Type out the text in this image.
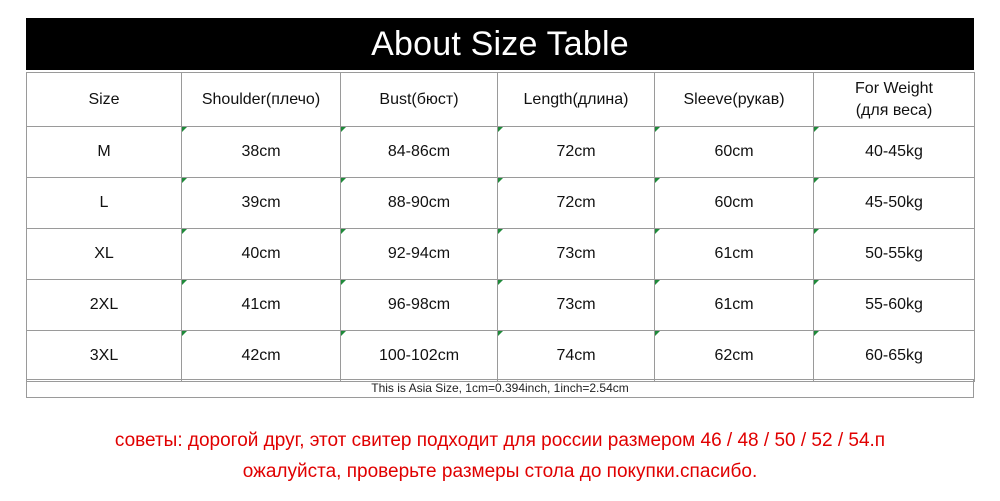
About Size Table
Size	Shoulder(плечо)	Bust(бюст)	Length(длина)	Sleeve(рукав)	For Weight
(для веса)

M	38cm	84-86cm	72cm	60cm	40-45kg
L	39cm	88-90cm	72cm	60cm	45-50kg
XL	40cm	92-94cm	73cm	61cm	50-55kg
2XL	41cm	96-98cm	73cm	61cm	55-60kg
3XL	42cm	100-102cm	74cm	62cm	60-65kg
This is Asia Size, 1cm=0.394inch, 1inch=2.54cm
советы: дорогой друг, этот свитер подходит для россии размером 46 / 48 / 50 / 52 / 54.п
ожалуйста, проверьте размеры стола до покупки.спасибо.
